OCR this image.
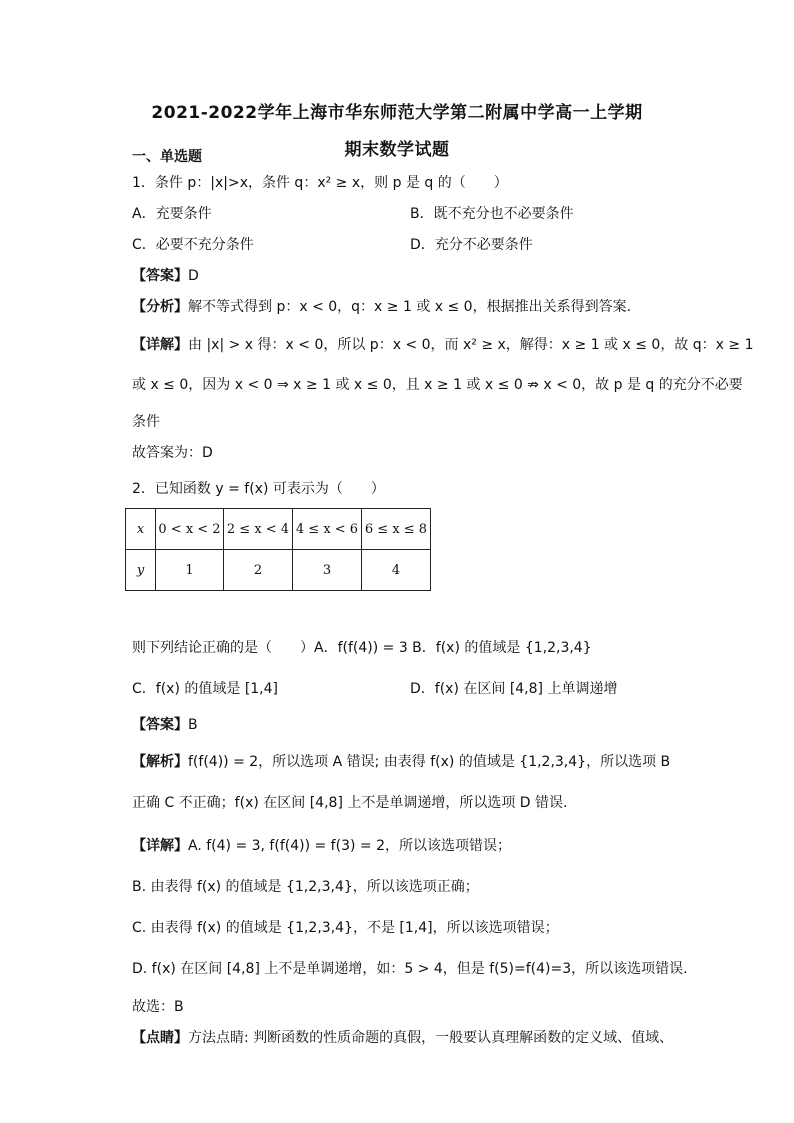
2021-2022学年上海市华东师范大学第二附属中学高一上学期
期末数学试题
一、单选题
1．条件 p：|x|>x，条件 q：x² ≥ x，则 p 是 q 的（　　）
A．充要条件	B．既不充分也不必要条件
C．必要不充分条件	D．充分不必要条件
【答案】D
【分析】解不等式得到 p：x < 0，q：x ≥ 1 或 x ≤ 0，根据推出关系得到答案.
【详解】由 |x| > x 得：x < 0，所以 p：x < 0，而 x² ≥ x，解得：x ≥ 1 或 x ≤ 0，故 q：x ≥ 1
或 x ≤ 0，因为 x < 0 ⇒ x ≥ 1 或 x ≤ 0，且 x ≥ 1 或 x ≤ 0 ⇏ x < 0，故 p 是 q 的充分不必要
条件
故答案为：D
2．已知函数 y = f(x) 可表示为（　　）
x	0 < x < 2	2 ≤ x < 4	4 ≤ x < 6	6 ≤ x ≤ 8
y	1	2	3	4
则下列结论正确的是（　　）A．f(f(4)) = 3 B．f(x) 的值域是 {1,2,3,4}
C．f(x) 的值域是 [1,4]	D．f(x) 在区间 [4,8] 上单调递增
【答案】B
【解析】f(f(4)) = 2，所以选项 A 错误; 由表得 f(x) 的值域是 {1,2,3,4}，所以选项 B
正确 C 不正确；f(x) 在区间 [4,8] 上不是单调递增，所以选项 D 错误.
【详解】A. f(4) = 3, f(f(4)) = f(3) = 2，所以该选项错误；
B. 由表得 f(x) 的值域是 {1,2,3,4}，所以该选项正确；
C. 由表得 f(x) 的值域是 {1,2,3,4}，不是 [1,4]，所以该选项错误；
D. f(x) 在区间 [4,8] 上不是单调递增，如：5 > 4，但是 f(5)=f(4)=3，所以该选项错误.
故选：B
【点睛】方法点睛: 判断函数的性质命题的真假，一般要认真理解函数的定义域、值域、
